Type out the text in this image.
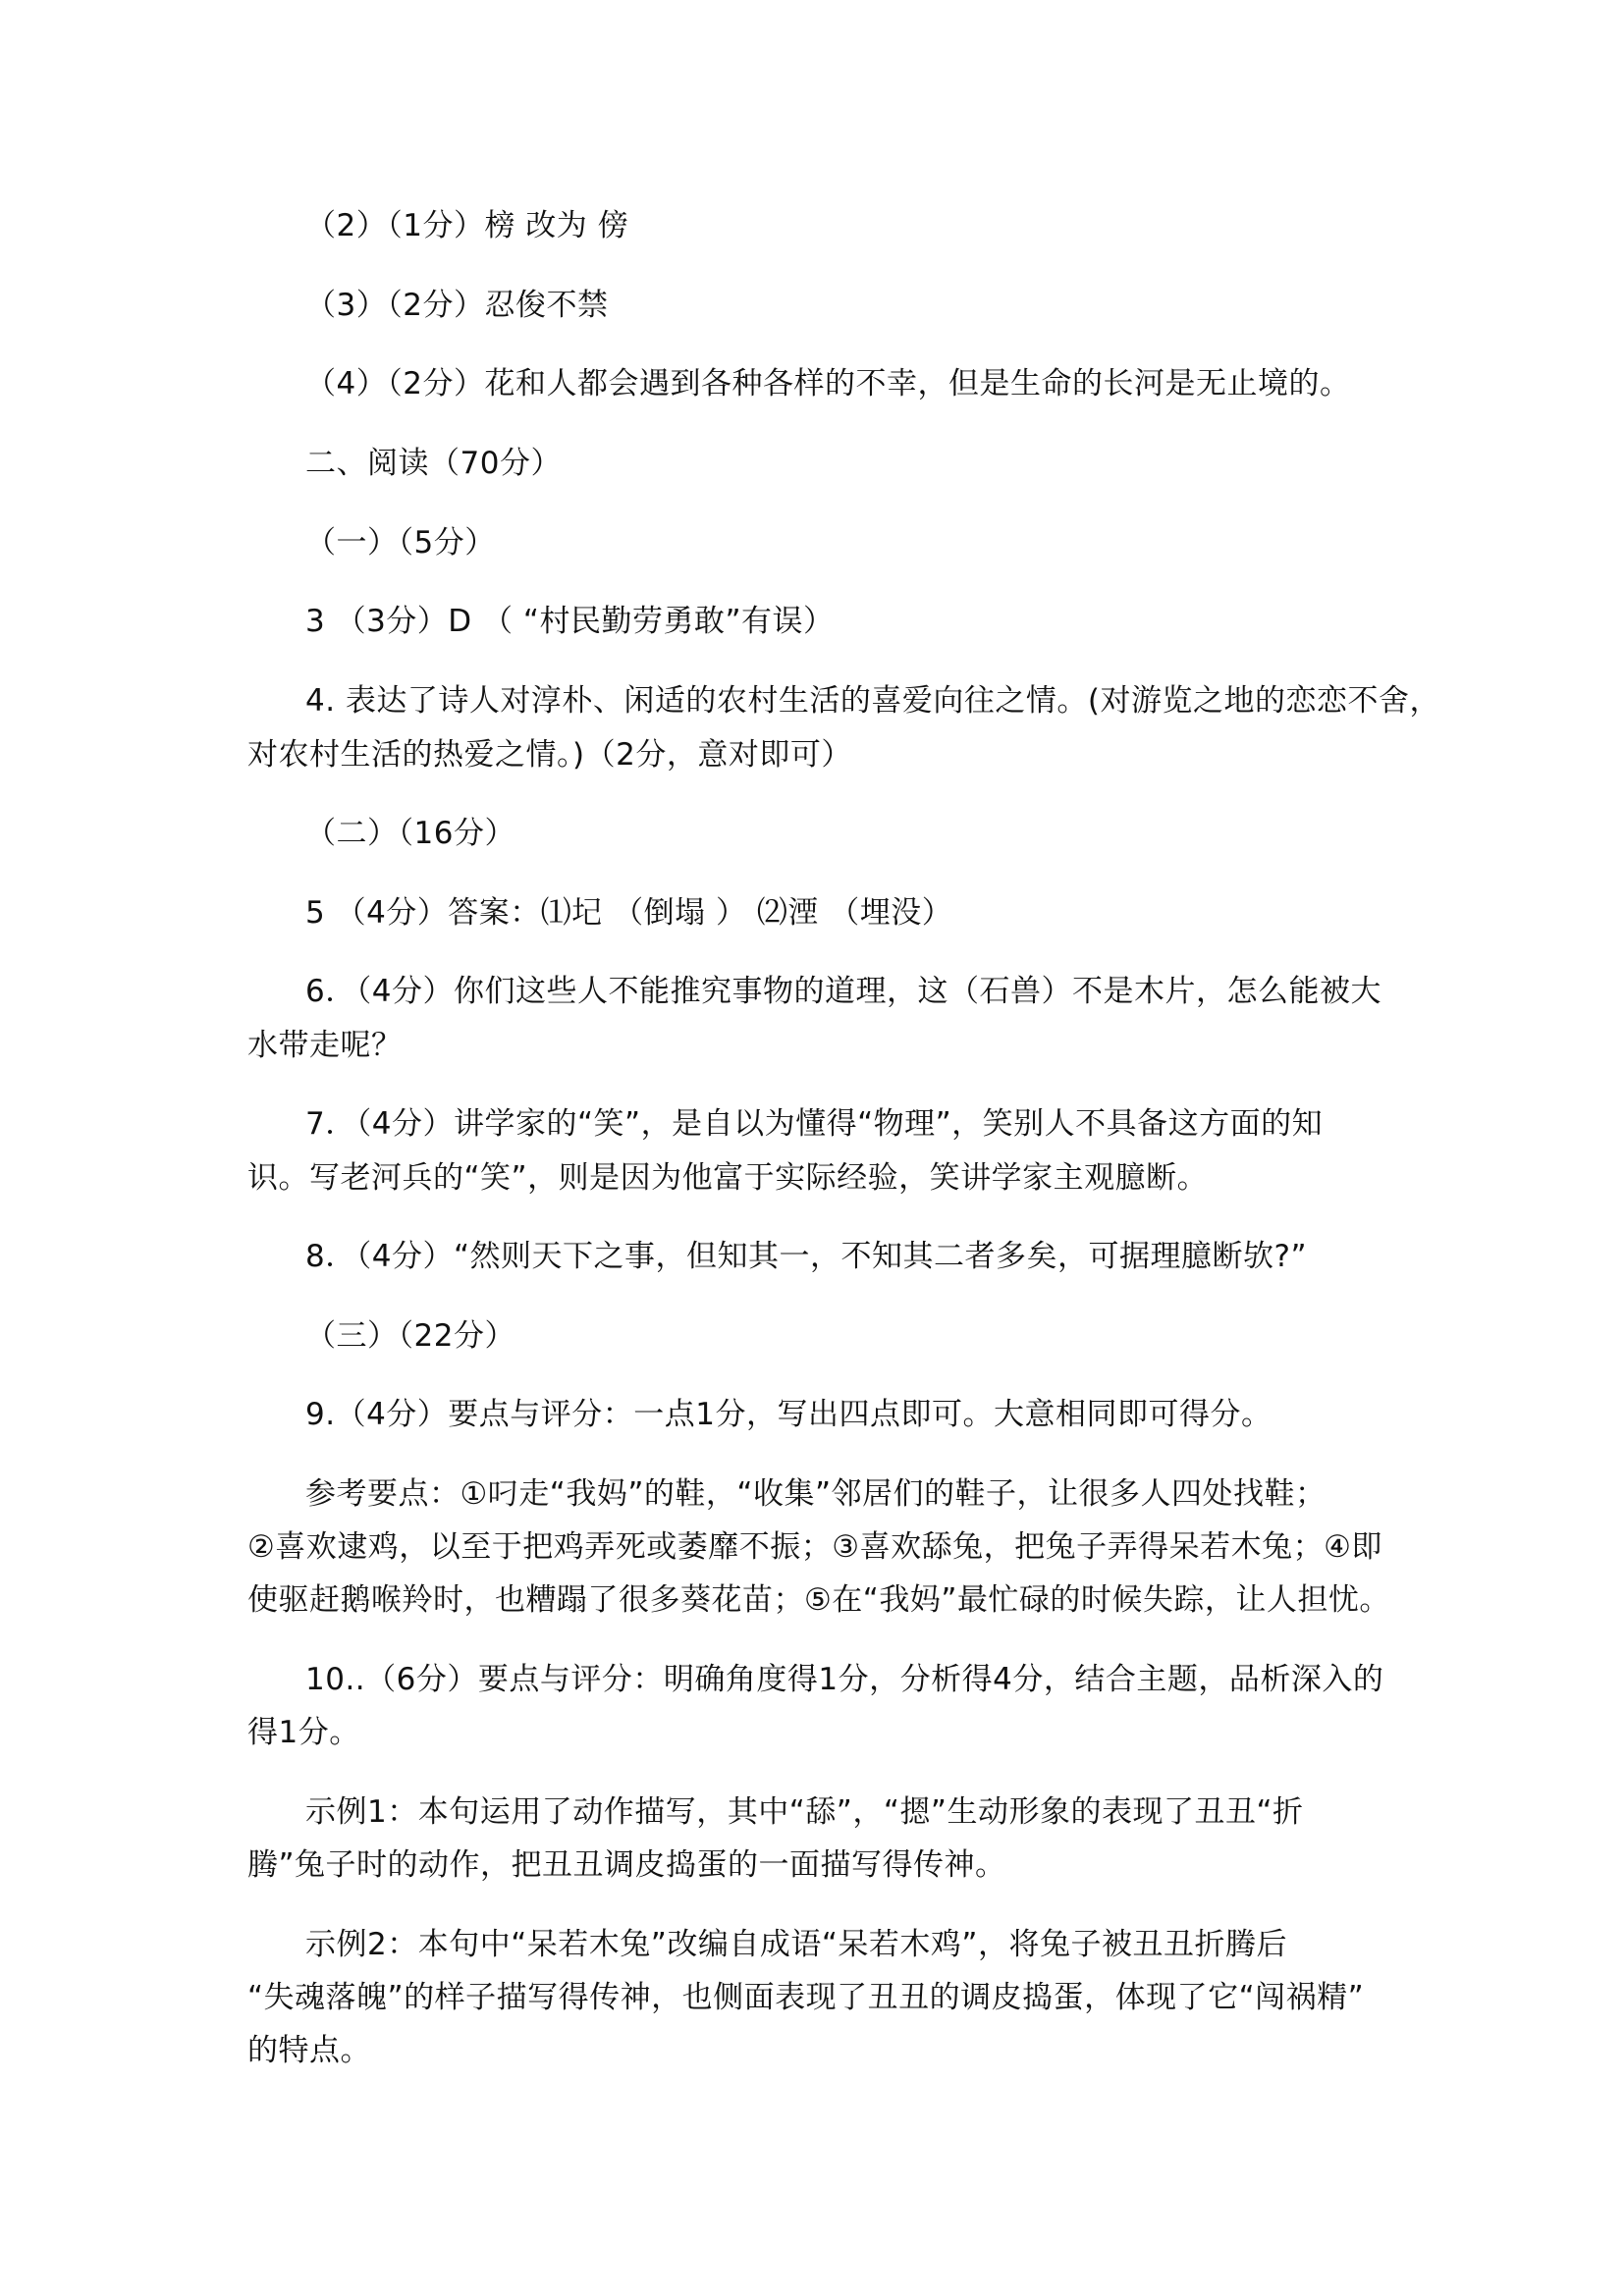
（2）（1分）榜 改为 傍
（3）（2分）忍俊不禁
（4）（2分）花和人都会遇到各种各样的不幸，但是生命的长河是无止境的。
二、阅读（70分）
（一）（5分）
3 （3分）D （ “村民勤劳勇敢”有误）
4. 表达了诗人对淳朴、闲适的农村生活的喜爱向往之情。(对游览之地的恋恋不舍，
对农村生活的热爱之情。)（2分，意对即可）
（二）（16分）
5 （4分）答案：⑴圮 （倒塌 ） ⑵湮 （埋没）
6．（4分）你们这些人不能推究事物的道理，这（石兽）不是木片，怎么能被大
水带走呢？
7．（4分）讲学家的“笑”，是自以为懂得“物理”，笑别人不具备这方面的知
识。写老河兵的“笑”，则是因为他富于实际经验，笑讲学家主观臆断。
8．（4分）“然则天下之事，但知其一，不知其二者多矣，可据理臆断欤?”
（三）（22分）
9.（4分）要点与评分：一点1分，写出四点即可。大意相同即可得分。
参考要点：①叼走“我妈”的鞋，“收集”邻居们的鞋子，让很多人四处找鞋；
②喜欢逮鸡，以至于把鸡弄死或萎靡不振；③喜欢舔兔，把兔子弄得呆若木兔；④即
使驱赶鹅喉羚时，也糟蹋了很多葵花苗；⑤在“我妈”最忙碌的时候失踪，让人担忧。
10..（6分）要点与评分：明确角度得1分，分析得4分，结合主题，品析深入的
得1分。
示例1：本句运用了动作描写，其中“舔”，“摁”生动形象的表现了丑丑“折
腾”兔子时的动作，把丑丑调皮捣蛋的一面描写得传神。
示例2：本句中“呆若木兔”改编自成语“呆若木鸡”，将兔子被丑丑折腾后
“失魂落魄”的样子描写得传神，也侧面表现了丑丑的调皮捣蛋，体现了它“闯祸精”
的特点。
